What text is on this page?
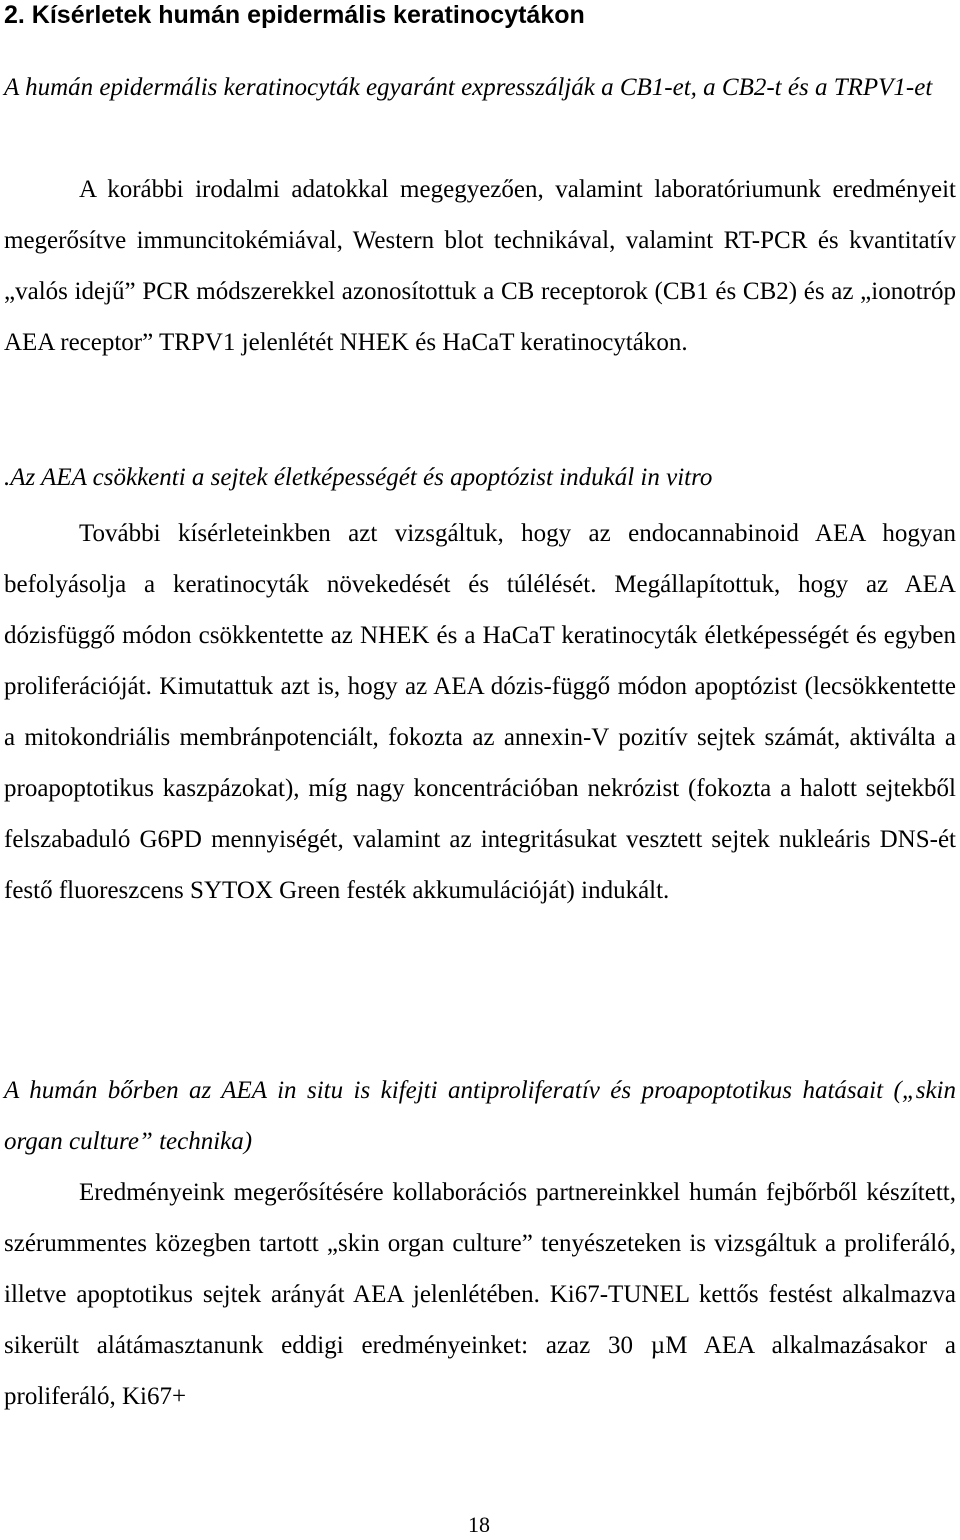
2. Kísérletek humán epidermális keratinocytákon

A humán epidermális keratinocyták egyaránt expresszálják a CB1-et, a CB2-t és a TRPV1-et

A korábbi irodalmi adatokkal megegyezően, valamint laboratóriumunk eredményeit megerősítve immuncitokémiával, Western blot technikával, valamint RT-PCR és kvantitatív „valós idejű” PCR módszerekkel azonosítottuk a CB receptorok (CB1 és CB2) és az „ionotróp AEA receptor” TRPV1 jelenlétét NHEK és HaCaT keratinocytákon.

.Az AEA csökkenti a sejtek életképességét és apoptózist indukál in vitro

További kísérleteinkben azt vizsgáltuk, hogy az endocannabinoid AEA hogyan befolyásolja a keratinocyták növekedését és túlélését. Megállapítottuk, hogy az AEA dózisfüggő módon csökkentette az NHEK és a HaCaT keratinocyták életképességét és egyben proliferációját. Kimutattuk azt is, hogy az AEA dózis-függő módon apoptózist (lecsökkentette a mitokondriális membránpotenciált, fokozta az annexin-V pozitív sejtek számát, aktiválta a proapoptotikus kaszpázokat), míg nagy koncentrációban nekrózist (fokozta a halott sejtekből felszabaduló G6PD mennyiségét, valamint az integritásukat vesztett sejtek nukleáris DNS-ét festő fluoreszcens SYTOX Green festék akkumulációját) indukált.

A humán bőrben az AEA in situ is kifejti antiproliferatív és proapoptotikus hatásait („skin organ culture” technika)

Eredményeink megerősítésére kollaborációs partnereinkkel humán fejbőrből készített, szérummentes közegben tartott „skin organ culture” tenyészeteken is vizsgáltuk a proliferáló, illetve apoptotikus sejtek arányát AEA jelenlétében. Ki67-TUNEL kettős festést alkalmazva sikerült alátámasztanunk eddigi eredményeinket: azaz 30 µM AEA alkalmazásakor a proliferáló, Ki67+

18
